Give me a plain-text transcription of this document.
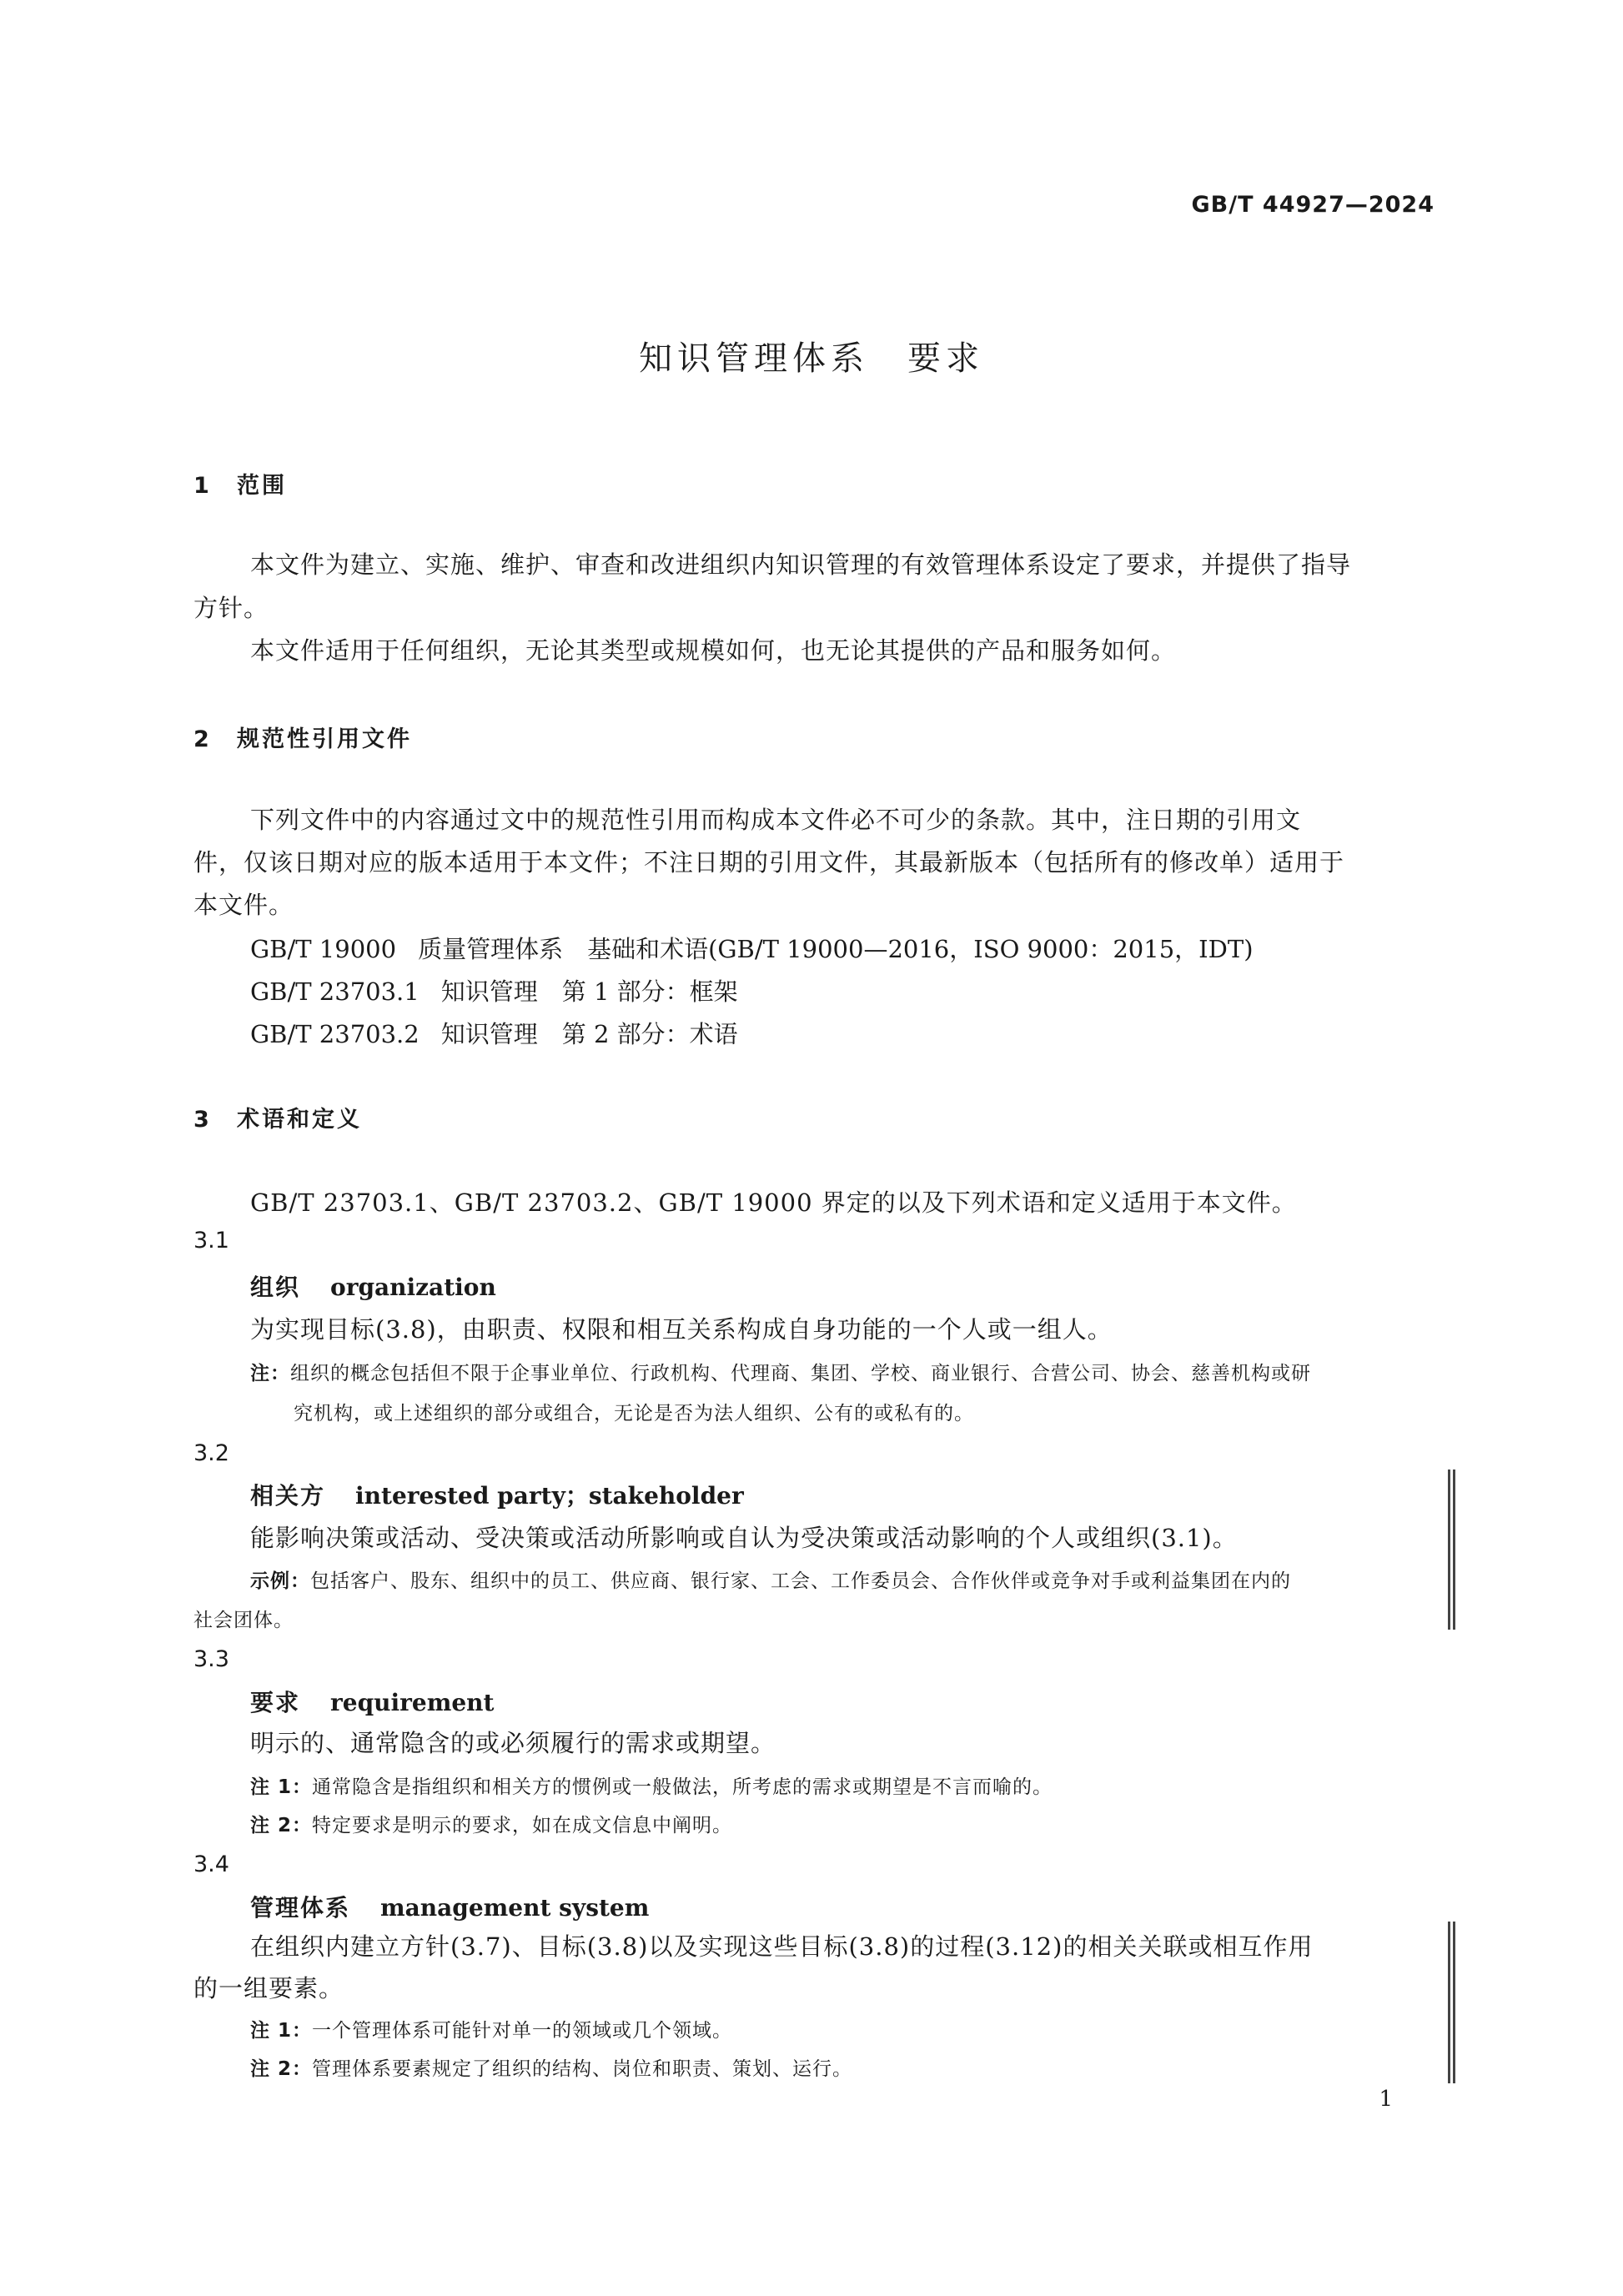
GB/T 44927—2024
知识管理体系　要求
1 范围
本文件为建立、实施、维护、审查和改进组织内知识管理的有效管理体系设定了要求，并提供了指导
方针。
本文件适用于任何组织，无论其类型或规模如何，也无论其提供的产品和服务如何。
2 规范性引用文件
下列文件中的内容通过文中的规范性引用而构成本文件必不可少的条款。其中，注日期的引用文
件，仅该日期对应的版本适用于本文件；不注日期的引用文件，其最新版本（包括所有的修改单）适用于
本文件。
GB/T 19000 质量管理体系　基础和术语(GB/T 19000—2016，ISO 9000：2015，IDT)
GB/T 23703.1 知识管理　第 1 部分：框架
GB/T 23703.2 知识管理　第 2 部分：术语
3 术语和定义
GB/T 23703.1、GB/T 23703.2、GB/T 19000 界定的以及下列术语和定义适用于本文件。
3.1
组织 organization
为实现目标(3.8)，由职责、权限和相互关系构成自身功能的一个人或一组人。
注：组织的概念包括但不限于企事业单位、行政机构、代理商、集团、学校、商业银行、合营公司、协会、慈善机构或研
究机构，或上述组织的部分或组合，无论是否为法人组织、公有的或私有的。
3.2
相关方 interested party；stakeholder
能影响决策或活动、受决策或活动所影响或自认为受决策或活动影响的个人或组织(3.1)。
示例：包括客户、股东、组织中的员工、供应商、银行家、工会、工作委员会、合作伙伴或竞争对手或利益集团在内的
社会团体。
3.3
要求 requirement
明示的、通常隐含的或必须履行的需求或期望。
注 1：通常隐含是指组织和相关方的惯例或一般做法，所考虑的需求或期望是不言而喻的。
注 2：特定要求是明示的要求，如在成文信息中阐明。
3.4
管理体系 management system
在组织内建立方针(3.7)、目标(3.8)以及实现这些目标(3.8)的过程(3.12)的相关关联或相互作用
的一组要素。
注 1：一个管理体系可能针对单一的领域或几个领域。
注 2：管理体系要素规定了组织的结构、岗位和职责、策划、运行。
1
